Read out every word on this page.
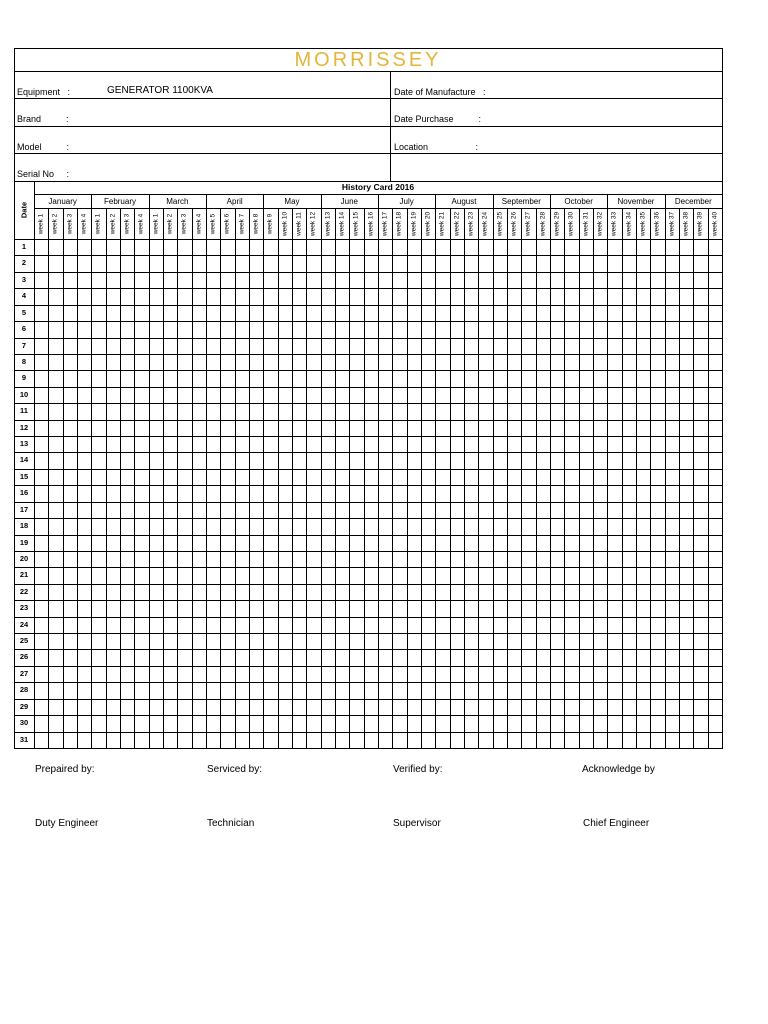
MORRISSEY
Equipment   :	GENERATOR 1100KVA
Brand          :
Model          :
Serial No     :
Date of Manufacture   :
Date Purchase          :
Location                   :
History Card 2016
Date
January	February	March	April	May	June	July	August	September	October	November	December
week 1 week 2 week 3 week 4 week 1 week 2 week 3 week 4 week 1 week 2 week 3 week 4 week 5 week 6 week 7 week 8 week 9 week 10 week 11 week 12 week 13 week 14 week 15 week 16 week 17 week 18 week 19 week 20 week 21 week 22 week 23 week 24 week 25 week 26 week 27 week 28 week 29 week 30 week 31 week 32 week 33 week 34 week 35 week 36 week 37 week 38 week 39 week 40
1
2
3
4
5
6
7
8
9
10
11
12
13
14
15
16
17
18
19
20
21
22
23
24
25
26
27
28
29
30
31
Prepaired by:	Serviced by:	Verified by:	Acknowledge by
Duty Engineer	Technician	Supervisor	Chief Engineer
